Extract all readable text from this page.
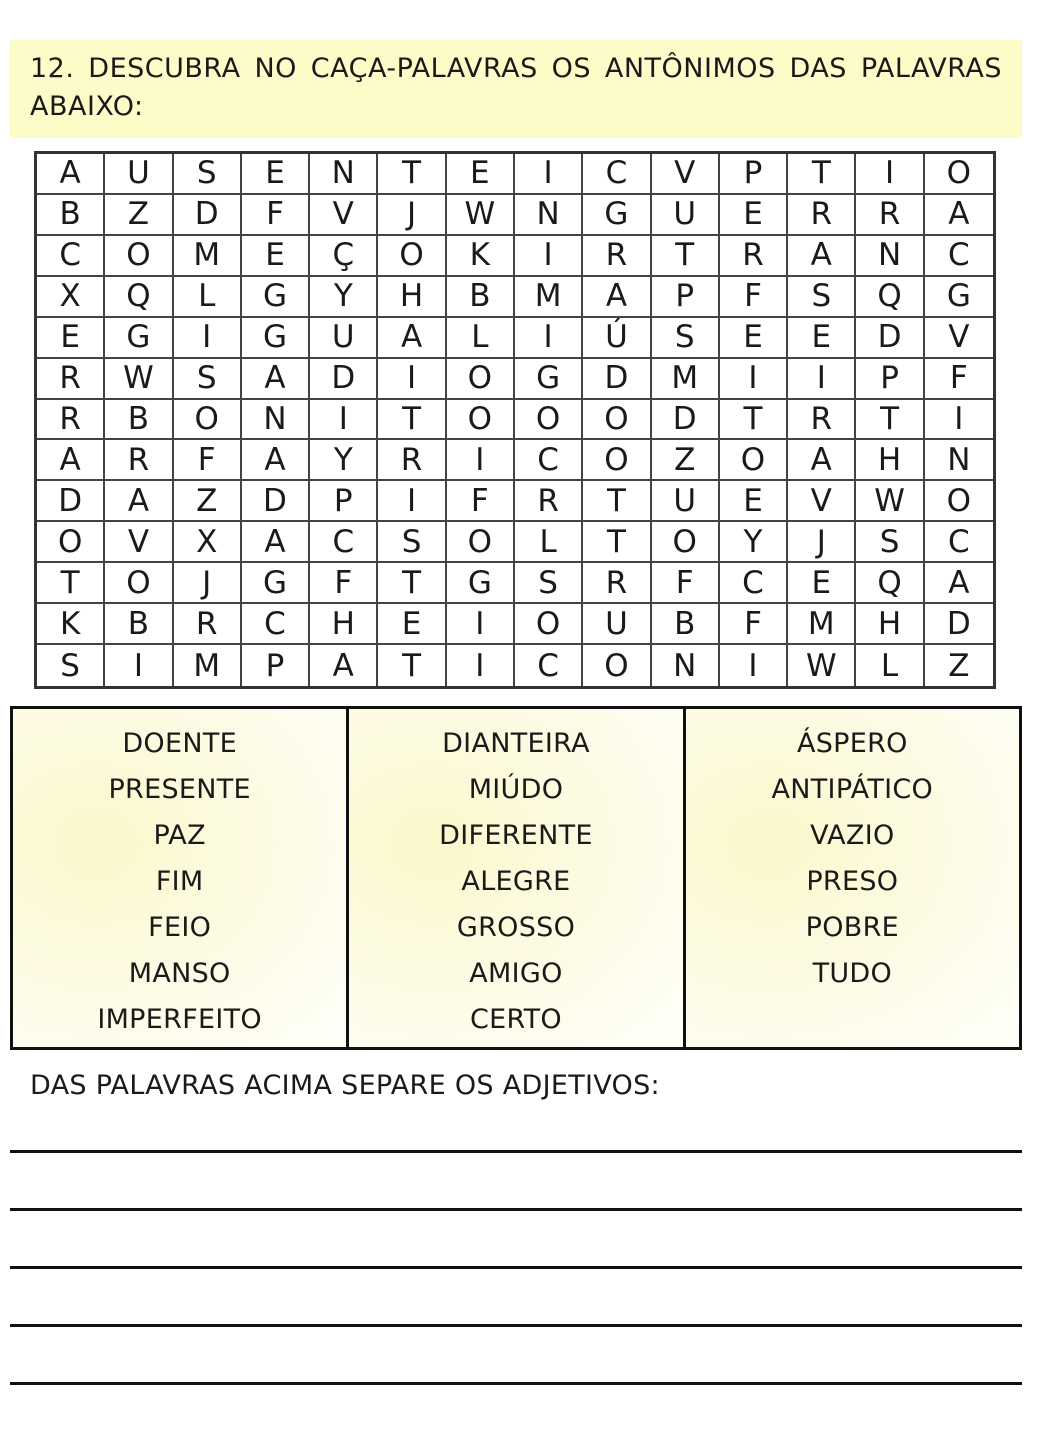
12. DESCUBRA NO CAÇA-PALAVRAS OS ANTÔNIMOS DAS PALAVRAS ABAIXO:
A	U	S	E	N	T	E	I	C	V	P	T	I	O
B	Z	D	F	V	J	W	N	G	U	E	R	R	A
C	O	M	E	Ç	O	K	I	R	T	R	A	N	C
X	Q	L	G	Y	H	B	M	A	P	F	S	Q	G
E	G	I	G	U	A	L	I	Ú	S	E	E	D	V
R	W	S	A	D	I	O	G	D	M	I	I	P	F
R	B	O	N	I	T	O	O	O	D	T	R	T	I
A	R	F	A	Y	R	I	C	O	Z	O	A	H	N
D	A	Z	D	P	I	F	R	T	U	E	V	W	O
O	V	X	A	C	S	O	L	T	O	Y	J	S	C
T	O	J	G	F	T	G	S	R	F	C	E	Q	A
K	B	R	C	H	E	I	O	U	B	F	M	H	D
S	I	M	P	A	T	I	C	O	N	I	W	L	Z
DOENTE
PRESENTE
PAZ
FIM
FEIO
MANSO
IMPERFEITO
DIANTEIRA
MIÚDO
DIFERENTE
ALEGRE
GROSSO
AMIGO
CERTO
ÁSPERO
ANTIPÁTICO
VAZIO
PRESO
POBRE
TUDO
DAS PALAVRAS ACIMA SEPARE OS ADJETIVOS:
